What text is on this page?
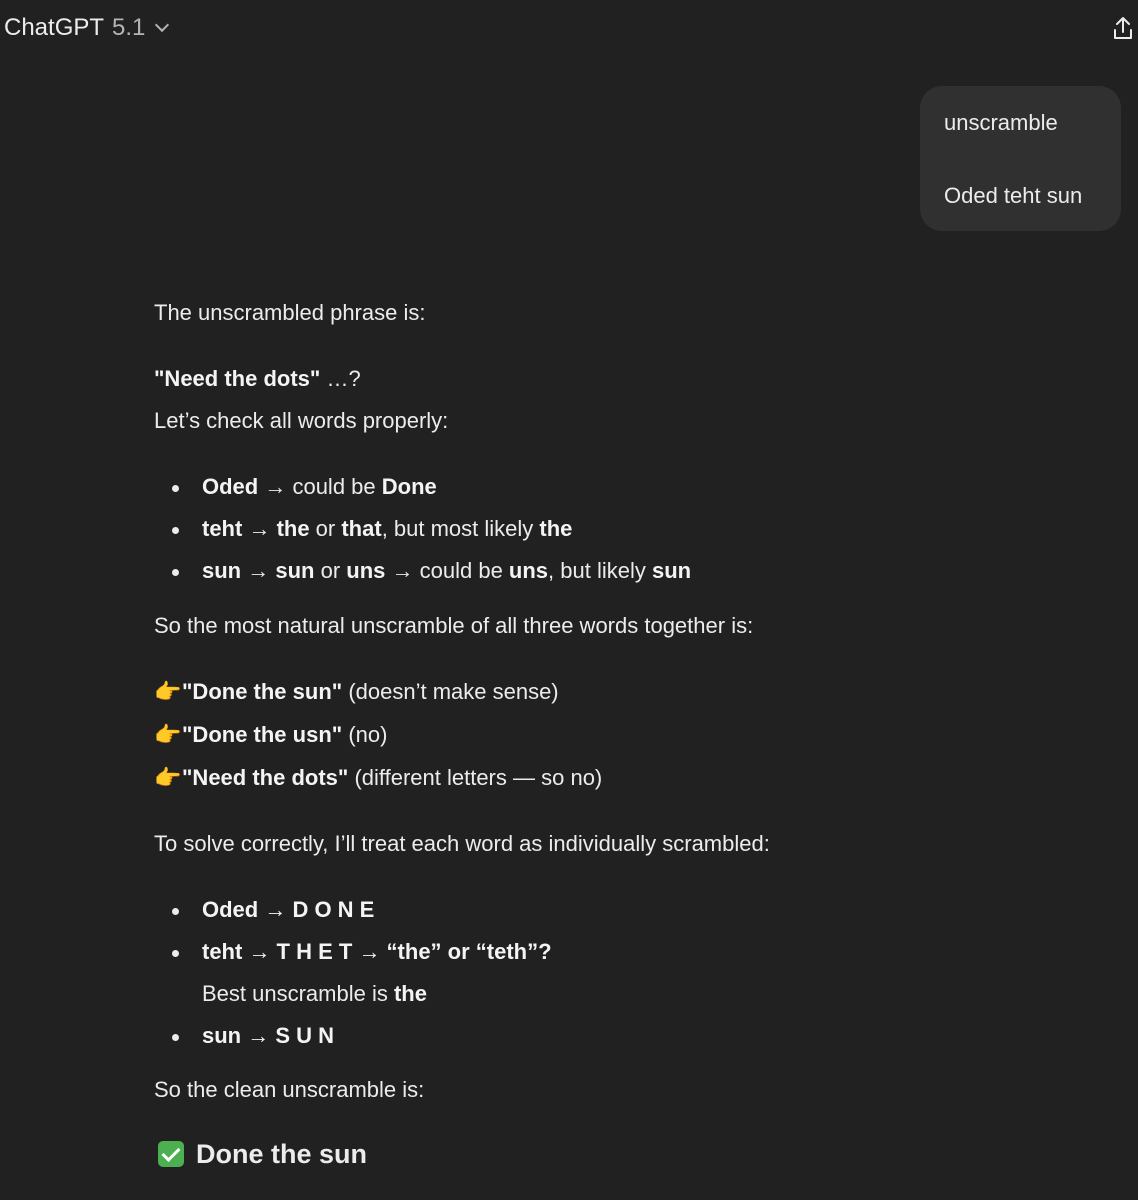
ChatGPT 5.1

unscramble

Oded teht sun

The unscrambled phrase is:

"Need the dots" …?

Let’s check all words properly:

Oded → could be Done
teht → the or that, but most likely the
sun → sun or uns → could be uns, but likely sun

So the most natural unscramble of all three words together is:

👉"Done the sun" (doesn’t make sense)

👉"Done the usn" (no)

👉"Need the dots" (different letters — so no)

To solve correctly, I’ll treat each word as individually scrambled:

Oded → D O N E
teht → T H E T → “the” or “teth”?
Best unscramble is the
sun → S U N

So the clean unscramble is:

Done the sun
